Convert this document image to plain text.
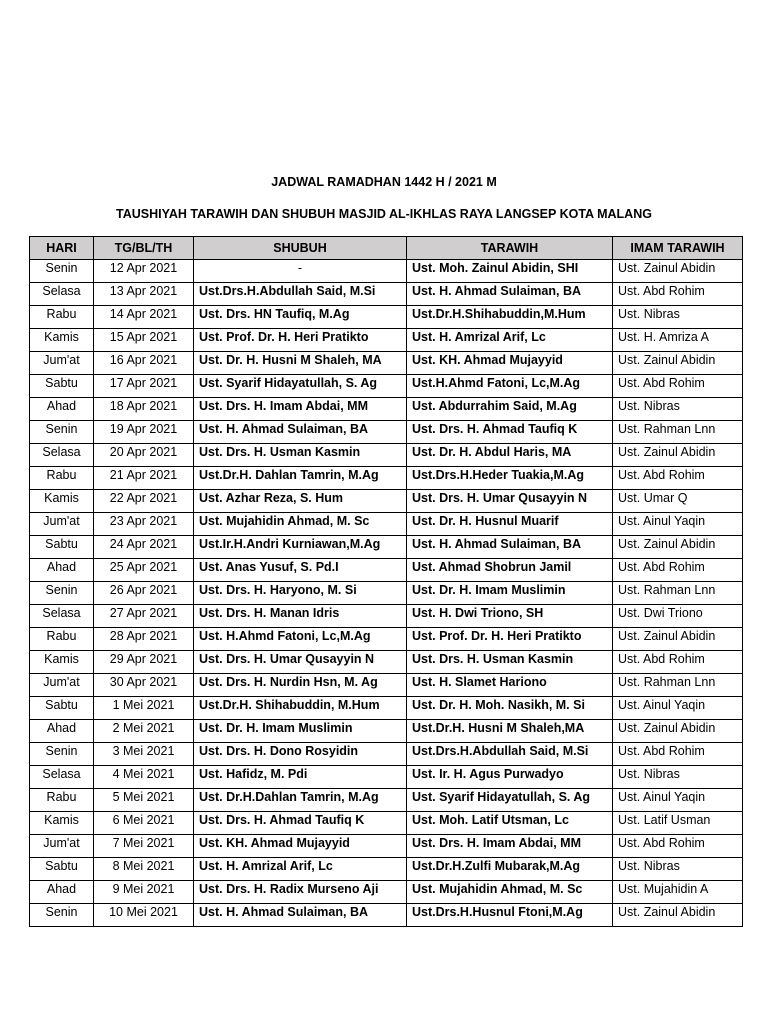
JADWAL RAMADHAN 1442 H / 2021 M
TAUSHIYAH TARAWIH DAN SHUBUH MASJID AL-IKHLAS RAYA LANGSEP KOTA MALANG
HARI	TG/BL/TH	SHUBUH	TARAWIH	IMAM TARAWIH
Senin	12 Apr 2021	-	Ust. Moh. Zainul Abidin, SHI	Ust. Zainul Abidin
Selasa	13 Apr 2021	Ust.Drs.H.Abdullah Said, M.Si	Ust. H. Ahmad Sulaiman, BA	Ust. Abd Rohim
Rabu	14 Apr 2021	Ust. Drs. HN Taufiq, M.Ag	Ust.Dr.H.Shihabuddin,M.Hum	Ust. Nibras
Kamis	15 Apr 2021	Ust. Prof. Dr. H. Heri Pratikto	Ust. H. Amrizal Arif, Lc	Ust. H. Amriza A
Jum'at	16 Apr 2021	Ust. Dr. H. Husni M Shaleh, MA	Ust. KH. Ahmad Mujayyid	Ust. Zainul Abidin
Sabtu	17 Apr 2021	Ust. Syarif Hidayatullah, S. Ag	Ust.H.Ahmd Fatoni, Lc,M.Ag	Ust. Abd Rohim
Ahad	18 Apr 2021	Ust. Drs. H. Imam Abdai, MM	Ust. Abdurrahim Said, M.Ag	Ust. Nibras
Senin	19 Apr 2021	Ust. H. Ahmad Sulaiman, BA	Ust. Drs. H. Ahmad Taufiq K	Ust. Rahman Lnn
Selasa	20 Apr 2021	Ust. Drs. H. Usman Kasmin	Ust. Dr. H. Abdul Haris, MA	Ust. Zainul Abidin
Rabu	21 Apr 2021	Ust.Dr.H. Dahlan Tamrin, M.Ag	Ust.Drs.H.Heder Tuakia,M.Ag	Ust. Abd Rohim
Kamis	22 Apr 2021	Ust. Azhar Reza, S. Hum	Ust. Drs. H. Umar Qusayyin N	Ust. Umar Q
Jum'at	23 Apr 2021	Ust. Mujahidin Ahmad, M. Sc	Ust. Dr. H. Husnul Muarif	Ust. Ainul Yaqin
Sabtu	24 Apr 2021	Ust.Ir.H.Andri Kurniawan,M.Ag	Ust. H. Ahmad Sulaiman, BA	Ust. Zainul Abidin
Ahad	25 Apr 2021	Ust. Anas Yusuf, S. Pd.I	Ust. Ahmad Shobrun Jamil	Ust. Abd Rohim
Senin	26 Apr 2021	Ust. Drs. H. Haryono, M. Si	Ust. Dr. H. Imam Muslimin	Ust. Rahman Lnn
Selasa	27 Apr 2021	Ust. Drs. H. Manan Idris	Ust. H. Dwi Triono, SH	Ust. Dwi Triono
Rabu	28 Apr 2021	Ust. H.Ahmd Fatoni, Lc,M.Ag	Ust. Prof. Dr. H. Heri Pratikto	Ust. Zainul Abidin
Kamis	29 Apr 2021	Ust. Drs. H. Umar Qusayyin N	Ust. Drs. H. Usman Kasmin	Ust. Abd Rohim
Jum'at	30 Apr 2021	Ust. Drs. H. Nurdin Hsn, M. Ag	Ust. H. Slamet Hariono	Ust. Rahman Lnn
Sabtu	1 Mei 2021	Ust.Dr.H. Shihabuddin, M.Hum	Ust. Dr. H. Moh. Nasikh, M. Si	Ust. Ainul Yaqin
Ahad	2 Mei 2021	Ust. Dr. H. Imam Muslimin	Ust.Dr.H. Husni M Shaleh,MA	Ust. Zainul Abidin
Senin	3 Mei 2021	Ust. Drs. H. Dono Rosyidin	Ust.Drs.H.Abdullah Said, M.Si	Ust. Abd Rohim
Selasa	4 Mei 2021	Ust. Hafidz, M. Pdi	Ust. Ir. H. Agus Purwadyo	Ust. Nibras
Rabu	5 Mei 2021	Ust. Dr.H.Dahlan Tamrin, M.Ag	Ust. Syarif Hidayatullah, S. Ag	Ust. Ainul Yaqin
Kamis	6 Mei 2021	Ust. Drs. H. Ahmad Taufiq K	Ust. Moh. Latif Utsman, Lc	Ust. Latif Usman
Jum'at	7 Mei 2021	Ust. KH. Ahmad Mujayyid	Ust. Drs. H. Imam Abdai, MM	Ust. Abd Rohim
Sabtu	8 Mei 2021	Ust. H. Amrizal Arif, Lc	Ust.Dr.H.Zulfi Mubarak,M.Ag	Ust. Nibras
Ahad	9 Mei 2021	Ust. Drs. H. Radix Murseno Aji	Ust. Mujahidin Ahmad, M. Sc	Ust. Mujahidin A
Senin	10 Mei 2021	Ust. H. Ahmad Sulaiman, BA	Ust.Drs.H.Husnul Ftoni,M.Ag	Ust. Zainul Abidin
